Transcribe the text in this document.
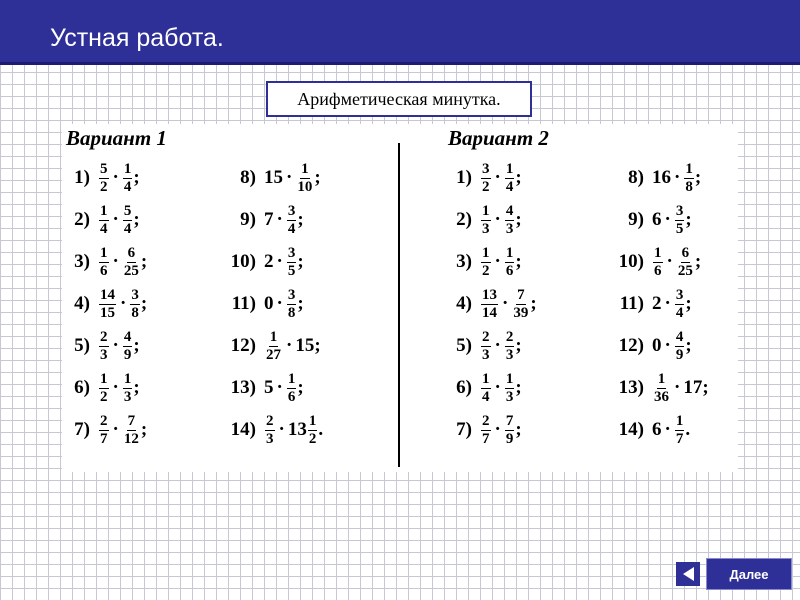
Устная работа.
Арифметическая минутка.
Вариант 1	Вариант 2
$1) \frac{5}{2} \cdot \frac{1}{4}$ ;
$2) \frac{1}{4} \cdot \frac{5}{4}$ ;
$3) \frac{1}{6} \cdot \frac{6}{25}$ ;
$4) \frac{14}{15} \cdot \frac{3}{8}$ ;
$5) \frac{2}{3} \cdot \frac{4}{9}$ ;
$6) \frac{1}{2} \cdot \frac{1}{3}$ ;
$7) \frac{2}{7} \cdot \frac{7}{12}$ ;
8) $15 \cdot \frac{1}{10}$ ;
9) $7 \cdot \frac{3}{4}$ ;
10) $2 \cdot \frac{3}{5}$ ;
11) $0 \cdot \frac{3}{8}$ ;
$12) \frac{1}{27} \cdot 15$;
13) $5 \cdot \frac{1}{6}$ ;
$14) \frac{2}{3} \cdot 13 \frac{1}{2}$ .
$1) \frac{3}{2} \cdot \frac{1}{4}$ ;
$2) \frac{1}{3} \cdot \frac{4}{3}$ ;
$3) \frac{1}{2} \cdot \frac{1}{6}$ ;
$4) \frac{13}{14} \cdot \frac{7}{39}$ ;
$5) \frac{2}{3} \cdot \frac{2}{3}$ ;
$6) \frac{1}{4} \cdot \frac{1}{3}$ ;
$7) \frac{2}{7} \cdot \frac{7}{9}$ ;
8) $16 \cdot \frac{1}{8}$ ;
9) $6 \cdot \frac{3}{5}$ ;
$10) \frac{1}{6} \cdot \frac{6}{25}$ ;
11) $2 \cdot \frac{3}{4}$ ;
12) $0 \cdot \frac{4}{9}$ ;
$13) \frac{1}{36} \cdot 17$;
14) $6 \cdot \frac{1}{7}$ .
Далее
